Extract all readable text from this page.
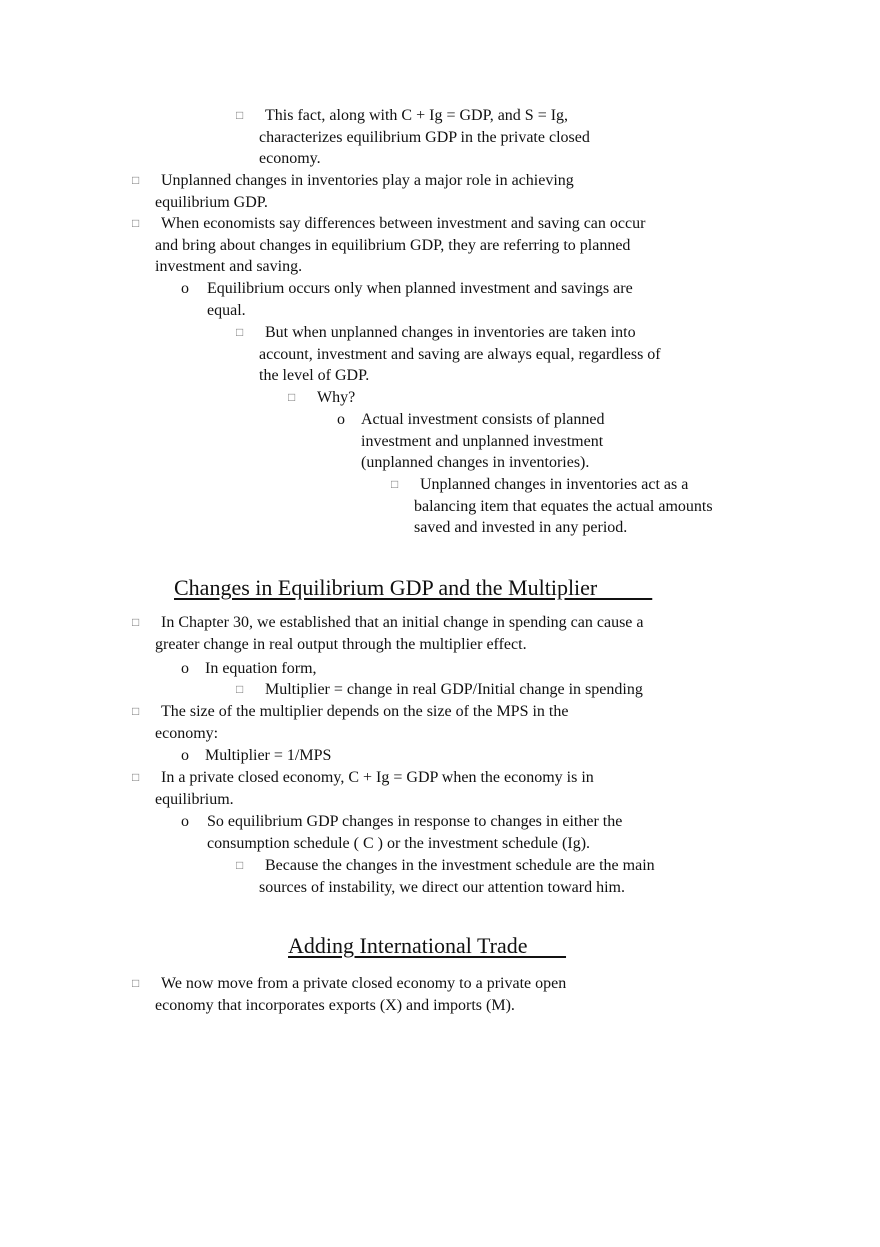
□ This fact, along with C + Ig = GDP, and S = Ig, characterizes equilibrium GDP in the private closed economy.
□ Unplanned changes in inventories play a major role in achieving equilibrium GDP.
□ When economists say differences between investment and saving can occur and bring about changes in equilibrium GDP, they are referring to planned investment and saving.
o Equilibrium occurs only when planned investment and savings are equal.
□ But when unplanned changes in inventories are taken into account, investment and saving are always equal, regardless of the level of GDP.
□ Why?
o Actual investment consists of planned investment and unplanned investment (unplanned changes in inventories).
□ Unplanned changes in inventories act as a balancing item that equates the actual amounts saved and invested in any period.
Changes in Equilibrium GDP and the Multiplier
□ In Chapter 30, we established that an initial change in spending can cause a greater change in real output through the multiplier effect.
o In equation form,
□ Multiplier = change in real GDP/Initial change in spending
□ The size of the multiplier depends on the size of the MPS in the economy:
o Multiplier = 1/MPS
□ In a private closed economy, C + Ig = GDP when the economy is in equilibrium.
o So equilibrium GDP changes in response to changes in either the consumption schedule ( C ) or the investment schedule (Ig).
□ Because the changes in the investment schedule are the main sources of instability, we direct our attention toward him.
Adding International Trade
□ We now move from a private closed economy to a private open economy that incorporates exports (X) and imports (M).
